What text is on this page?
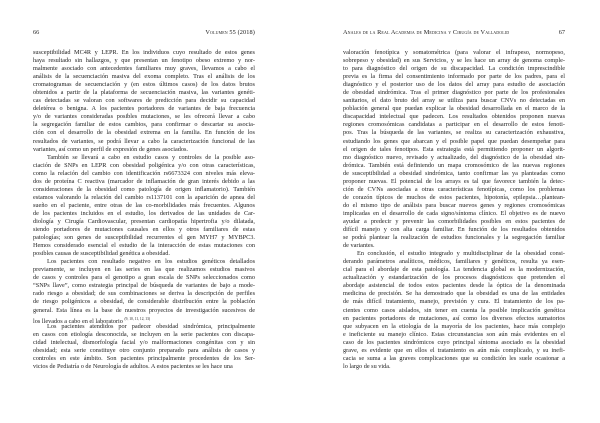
66	Volumen 55 (2018)
susceptibilidad MC4R y LEPR. En los individuos cuyo resultado de estos genes
haya resultado sin hallazgos, y que presentan un fenotipo obeso extremo y nor-
malmente asociado con antecedentes familiares muy graves, llevamos a cabo el
análisis de la secuenciación masiva del exoma completo. Tras el análisis de los
cromatogramas de secuenciación y (en estos últimos casos) de los datos brutos
obtenidos a partir de la plataforma de secuenciación masiva, las variantes genéti-
cas detectadas se valoran con softwares de predicción para decidir su capacidad
deletérea o benigna. A los pacientes portadores de variantes de baja frecuencia
y/o de variantes consideradas posibles mutaciones, se les ofrecerá llevar a cabo
la segregación familiar de estos cambios, para confirmar o descartar su asocia-
ción con el desarrollo de la obesidad extrema en la familia. En función de los
resultados de variantes, se podrá llevar a cabo la caracterización funcional de las
variantes, así como un perfil de expresión de genes asociados.
También se llevará a cabo en estudio casos y controles de la posible aso-
ciación de SNPs en LEPR con obesidad poligénica y/o con otras características,
como la relación del cambio con identificación rs6673324 con niveles más eleva-
dos de proteína C reactiva (marcador de inflamación de gran interés debido a las
consideraciones de la obesidad como patología de origen inflamatorio). También
estamos valorando la relación del cambio rs1137101 con la aparición de apnea del
sueño en el paciente, entre otras de las co-morbilidades más frecuentes. Algunos
de los pacientes incluidos en el estudio, los derivados de las unidades de Car-
diología y Cirugía Cardiovascular, presentan cardiopatía hipertrofia y/o dilatada,
siendo portadores de mutaciones causales en ellos y otros familiares de estas
patologías; son genes de susceptibilidad recurrentes el gen MYH7 y MYBPC3.
Hemos considerado esencial el estudio de la interacción de estas mutaciones con
posibles causas de susceptibilidad genética a obesidad.
Los pacientes con resultado negativo en los estudios genéticos detallados
previamente, se incluyen en las series en las que realizamos estudios masivos
de casos y controles para el genotipo a gran escala de SNPs seleccionados como
“SNPs llave”, como estrategia principal de búsqueda de variantes de bajo a mode-
rado riesgo a obesidad; de sus combinaciones se deriva la descripción de perfiles
de riesgo poligénicos a obesidad, de considerable distribución entre la población
general. Esta línea es la base de nuestros proyectos de investigación sucesivos de
los llevados a cabo en el laboratorio $^{(9, 10, 11, 12, 13)}$
Los pacientes atendidos por padecer obesidad sindrómica, principalmente
en casos con etiología desconocida, se incluyen en la serie pacientes con discapa-
cidad intelectual, dismorfología facial y/o malformaciones congénitas con y sin
obesidad; esta serie constituye otro conjunto preparado para análisis de casos y
controles en este ámbito. Son pacientes principalmente procedentes de los Ser-
vicios de Pediatría o de Neurología de adultos. A estos pacientes se les hace una
Anales de la Real Academia de Medicina y Cirugía de Valladolid	67
valoración fenotípica y somatométrica (para valorar el infrapeso, normopeso,
sobrepeso y obesidad) en sus Servicios, y se les hace un array de genoma comple-
to para diagnóstico del origen de su discapacidad. La condición imprescindible
previa es la firma del consentimiento informado por parte de los padres, para el
diagnóstico y el posterior uso de los datos del array para estudio de asociación
de obesidad sindrómica. Tras el primer diagnóstico por parte de los profesionales
sanitarios, el dato bruto del array se utiliza para buscar CNVs no detectadas en
población general que puedan explicar la obesidad desarrollada en el marco de la
discapacidad intelectual que padecen. Los resultados obtenidos proponen nuevas
regiones cromosómicas candidatas a participar en el desarrollo de estos fenoti-
pos. Tras la búsqueda de las variantes, se realiza su caracterización exhaustiva,
estudiando los genes que abarcan y el posible papel que puedan desempeñar para
el origen de tales fenotipos. Esta estrategia está permitiendo proponer un algorit-
mo diagnóstico nuevo, revisado y actualizado, del diagnóstico de la obesidad sin-
drómica. También está definiendo un mapa cromosómico de las nuevas regiones
de susceptibilidad a obesidad sindrómica, tanto confirmar las ya planteadas como
proponer nuevas. El potencial de los arrays es tal que favorece también la detec-
ción de CVNs asociadas a otras características fenotípicas, como los problemas
de corazón típicos de muchos de estos pacientes, hipotonía, epilepsia…plantean-
do el mismo tipo de análisis para buscar nuevos genes y regiones cromosómicas
implicadas en el desarrollo de cada signo/síntoma clínico. El objetivo es de nuevo
ayudar a predecir y prevenir las comorbilidades posibles en estos pacientes de
difícil manejo y con alta carga familiar. En función de los resultados obtenidos
se podrá plantear la realización de estudios funcionales y la segregación familiar
de variantes.
En conclusión, el estudio integrado y multidisciplinar de la obesidad consi-
derando parámetros analíticos, médicos, familiares y genéticos, resulta ya esen-
cial para el abordaje de esta patología. La tendencia global es la modernización,
actualización y estandarización de los procesos diagnósticos que pretenden el
abordaje asistencial de todos estos pacientes desde la óptica de la denominada
medicina de precisión. Se ha demostrado que la obesidad es una de las entidades
de más difícil tratamiento, manejo, previsión y cura. El tratamiento de los pa-
cientes como casos aislados, sin tener en cuenta la posible implicación genética
en pacientes portadores de mutaciones, así como los diversos efectos sumatorios
que subyacen en la etiología de la mayoría de los pacientes, hace más complejo
e ineficiente su manejo clínico. Estas circunstancias son aún más evidentes en el
caso de los pacientes sindrómicos cuyo principal síntoma asociado es la obesidad
grave, es evidente que en ellos el tratamiento es aún más complicado, y su inefi-
cacia se suma a las graves complicaciones que su condición les suele ocasionar a
lo largo de su vida.
